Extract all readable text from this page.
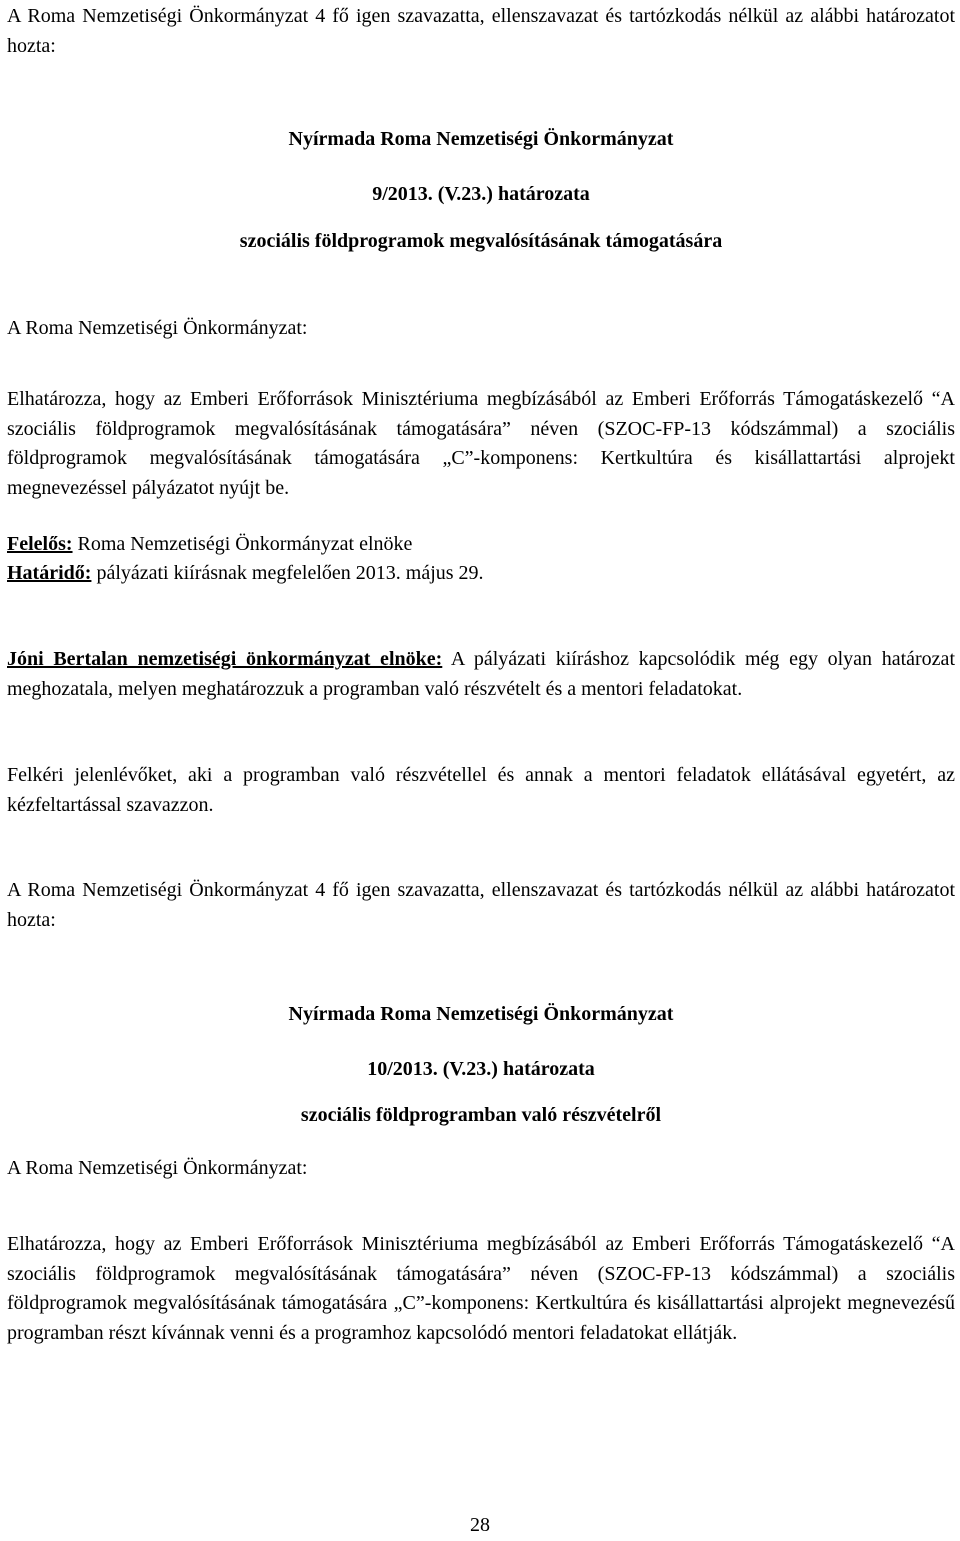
A Roma Nemzetiségi Önkormányzat 4 fő igen szavazatta, ellenszavazat és tartózkodás nélkül az alábbi határozatot hozta:

Nyírmada Roma Nemzetiségi Önkormányzat

9/2013. (V.23.) határozata

szociális földprogramok megvalósításának támogatására

A Roma Nemzetiségi Önkormányzat:

Elhatározza, hogy az Emberi Erőforrások Minisztériuma megbízásából az Emberi Erőforrás Támogatáskezelő “A szociális földprogramok megvalósításának támogatására” néven (SZOC-FP-13 kódszámmal) a szociális földprogramok megvalósításának támogatására „C”-komponens: Kertkultúra és kisállattartási alprojekt megnevezéssel pályázatot nyújt be.

Felelős: Roma Nemzetiségi Önkormányzat elnöke

Határidő: pályázati kiírásnak megfelelően 2013. május 29.

Jóni Bertalan nemzetiségi önkormányzat elnöke: A pályázati kiíráshoz kapcsolódik még egy olyan határozat meghozatala, melyen meghatározzuk a programban való részvételt és a mentori feladatokat.

Felkéri jelenlévőket, aki a programban való részvétellel és annak a mentori feladatok ellátásával egyetért, az kézfeltartással szavazzon.

A Roma Nemzetiségi Önkormányzat 4 fő igen szavazatta, ellenszavazat és tartózkodás nélkül az alábbi határozatot hozta:

Nyírmada Roma Nemzetiségi Önkormányzat

10/2013. (V.23.) határozata

szociális földprogramban való részvételről

A Roma Nemzetiségi Önkormányzat:

Elhatározza, hogy az Emberi Erőforrások Minisztériuma megbízásából az Emberi Erőforrás Támogatáskezelő “A szociális földprogramok megvalósításának támogatására” néven (SZOC-FP-13 kódszámmal) a szociális földprogramok megvalósításának támogatására „C”-komponens: Kertkultúra és kisállattartási alprojekt megnevezésű programban részt kívánnak venni és a programhoz kapcsolódó mentori feladatokat ellátják.

28
